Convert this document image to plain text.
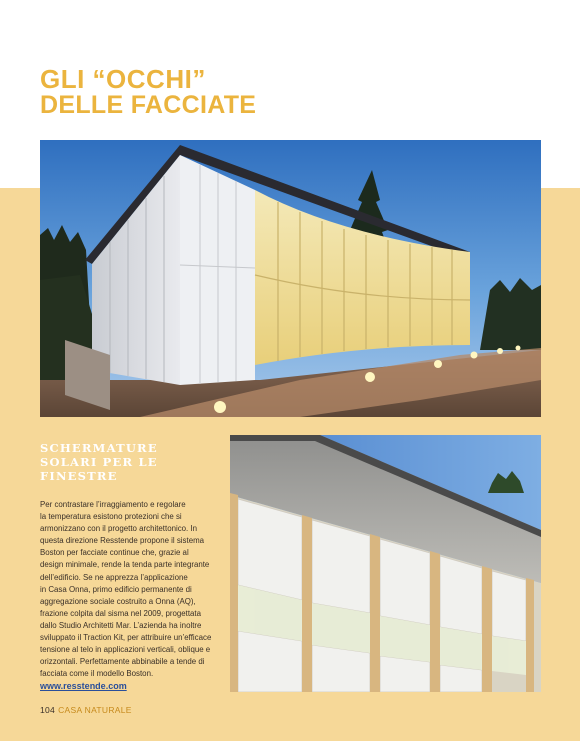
GLI “OCCHI”
DELLE FACCIATE
SCHERMATURE
SOLARI PER LE
FINESTRE

Per contrastare l’irraggiamento e regolare

la temperatura esistono protezioni che si

armonizzano con il progetto architettonico. In

questa direzione Resstende propone il sistema

Boston per facciate continue che, grazie al

design minimale, rende la tenda parte integrante

dell’edificio. Se ne apprezza l’applicazione

in Casa Onna, primo edificio permanente di

aggregazione sociale costruito a Onna (AQ),

frazione colpita dal sisma nel 2009, progettata

dallo Studio Architetti Mar. L’azienda ha inoltre

sviluppato il Traction Kit, per attribuire un’efficace

tensione al telo in applicazioni verticali, oblique e

orizzontali. Perfettamente abbinabile a tende di

facciata come il modello Boston.

www.resstende.com
104 CASA NATURALE
